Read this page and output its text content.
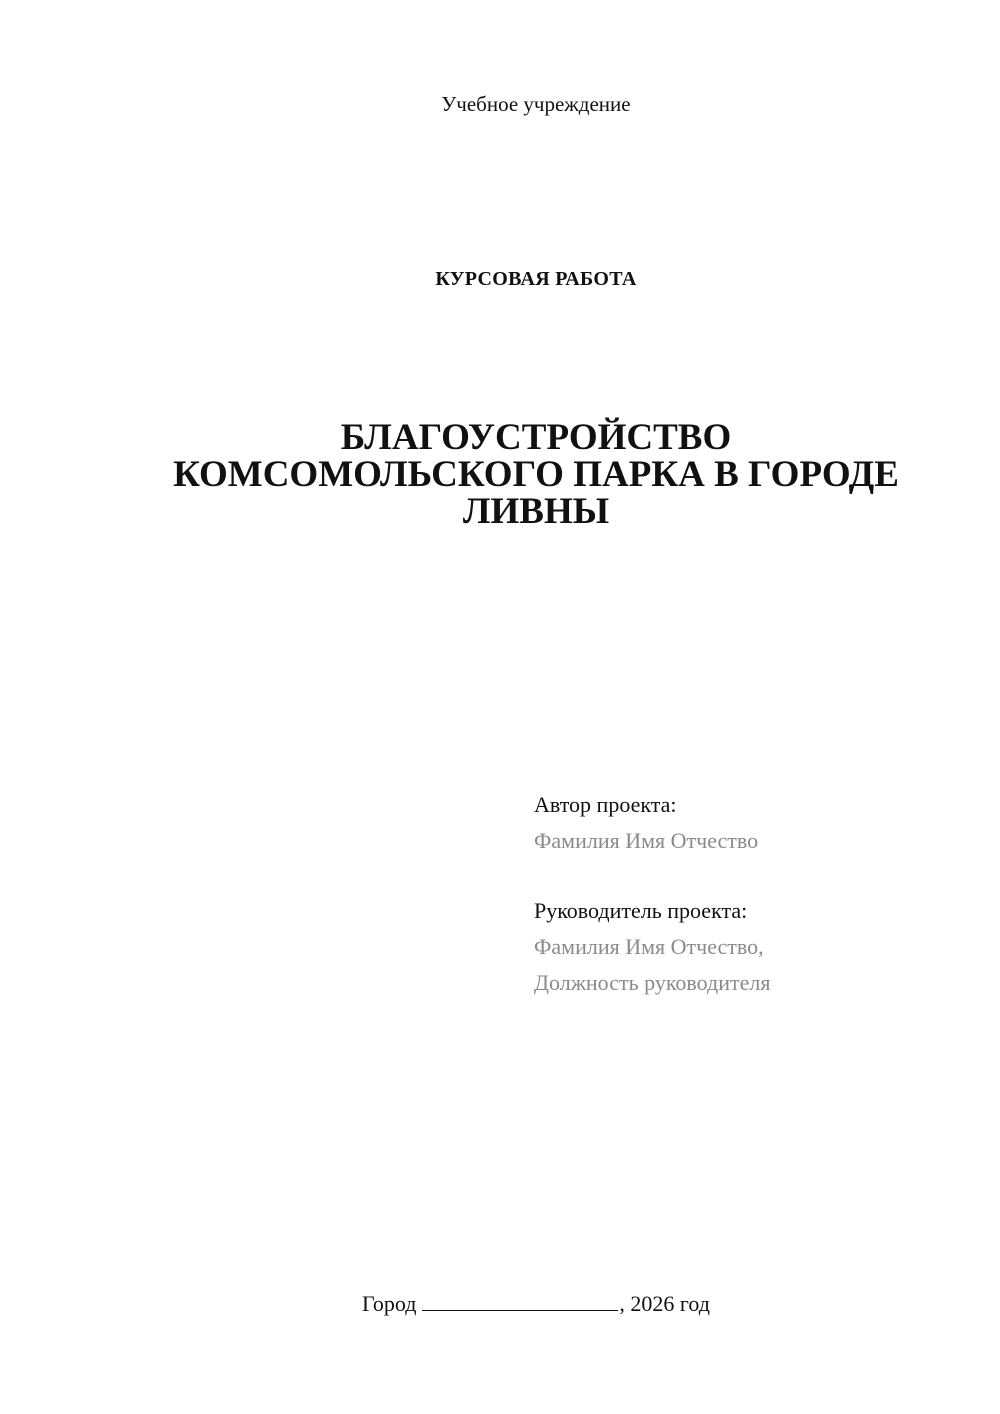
Учебное учреждение
КУРСОВАЯ РАБОТА
БЛАГОУСТРОЙСТВО
КОМСОМОЛЬСКОГО ПАРКА В ГОРОДЕ
ЛИВНЫ
Автор проекта:
Фамилия Имя Отчество
Руководитель проекта:
Фамилия Имя Отчество,
Должность руководителя
Город	, 2026 год
